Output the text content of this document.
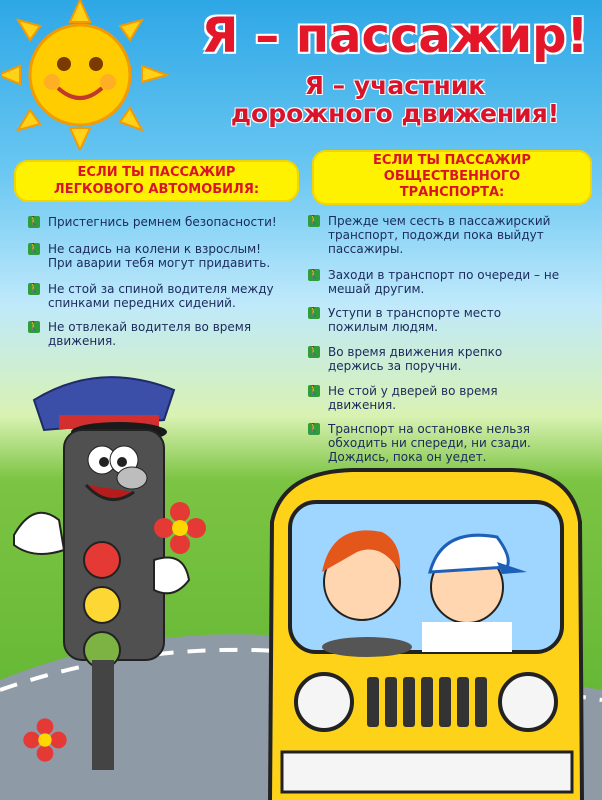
Я – пассажир!
Я – участник
дорожного движения!
ЕСЛИ ТЫ ПАССАЖИР
ЛЕГКОВОГО АВТОМОБИЛЯ:
ЕСЛИ ТЫ ПАССАЖИР
ОБЩЕСТВЕННОГО
ТРАНСПОРТА:
🚶 Пристегнись ремнем безопасности!
🚶 Не садись на колени к взрослым!
При аварии тебя могут придавить.
🚶 Не стой за спиной водителя между
спинками передних сидений.
🚶 Не отвлекай водителя во время
движения.
🚶 Прежде чем сесть в пассажирский
транспорт, подожди пока выйдут
пассажиры.
🚶 Заходи в транспорт по очереди – не
мешай другим.
🚶 Уступи в транспорте место
пожилым людям.
🚶 Во время движения крепко
держись за поручни.
🚶 Не стой у дверей во время
движения.
🚶 Транспорт на остановке нельзя
обходить ни спереди, ни сзади.
Дождись, пока он уедет.
